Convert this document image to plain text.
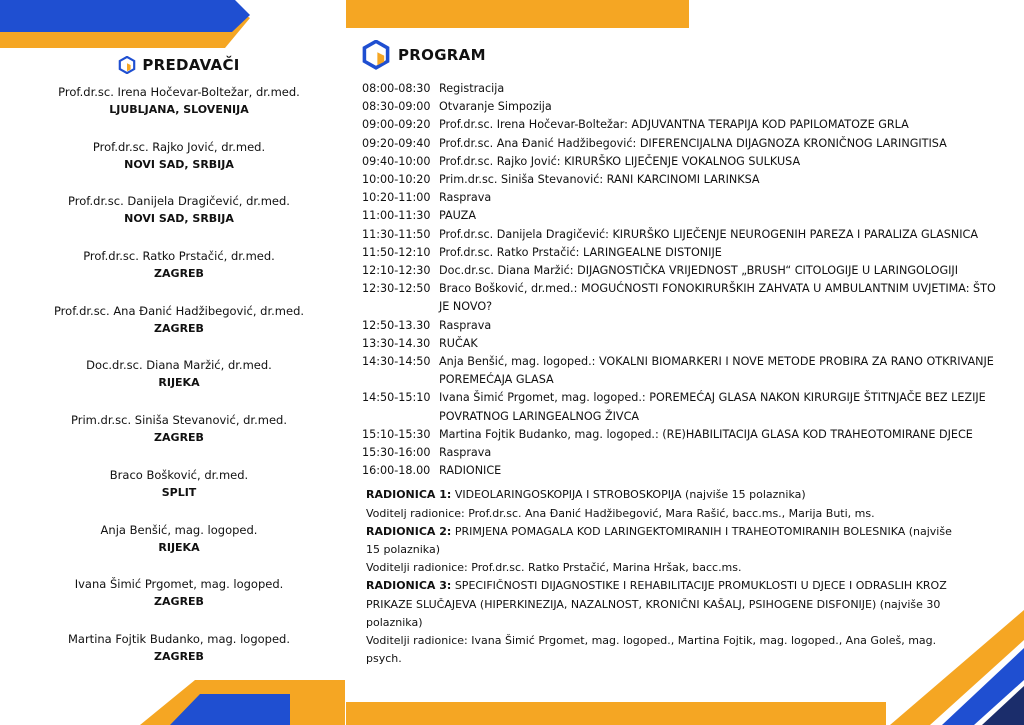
PREDAVAČI
Prof.dr.sc. Irena Hočevar-Boltežar, dr.med.
LJUBLJANA, SLOVENIJA
Prof.dr.sc. Rajko Jović, dr.med.
NOVI SAD, SRBIJA
Prof.dr.sc. Danijela Dragičević, dr.med.
NOVI SAD, SRBIJA
Prof.dr.sc. Ratko Prstačić, dr.med.
ZAGREB
Prof.dr.sc. Ana Đanić Hadžibegović, dr.med.
ZAGREB
Doc.dr.sc. Diana Maržić, dr.med.
RIJEKA
Prim.dr.sc. Siniša Stevanović, dr.med.
ZAGREB
Braco Bošković, dr.med.
SPLIT
Anja Benšić, mag. logoped.
RIJEKA
Ivana Šimić Prgomet, mag. logoped.
ZAGREB
Martina Fojtik Budanko, mag. logoped.
ZAGREB
PROGRAM
08:00-08:30 Registracija
08:30-09:00 Otvaranje Simpozija
09:00-09:20 Prof.dr.sc. Irena Hočevar-Boltežar: ADJUVANTNA TERAPIJA KOD PAPILOMATOZE GRLA
09:20-09:40 Prof.dr.sc. Ana Đanić Hadžibegović: DIFERENCIJALNA DIJAGNOZA KRONIČNOG LARINGITISA
09:40-10:00 Prof.dr.sc. Rajko Jović: KIRURŠKO LIJEČENJE VOKALNOG SULKUSA
10:00-10:20 Prim.dr.sc. Siniša Stevanović: RANI KARCINOMI LARINKSA
10:20-11:00 Rasprava
11:00-11:30 PAUZA
11:30-11:50 Prof.dr.sc. Danijela Dragičević: KIRURŠKO LIJEČENJE NEUROGENIH PAREZA I PARALIZA GLASNICA
11:50-12:10 Prof.dr.sc. Ratko Prstačić: LARINGEALNE DISTONIJE
12:10-12:30 Doc.dr.sc. Diana Maržić: DIJAGNOSTIČKA VRIJEDNOST „BRUSH“ CITOLOGIJE U LARINGOLOGIJI
12:30-12:50 Braco Bošković, dr.med.: MOGUĆNOSTI FONOKIRURŠKIH ZAHVATA U AMBULANTNIM UVJETIMA: ŠTO JE NOVO?
12:50-13.30 Rasprava
13:30-14.30 RUČAK
14:30-14:50 Anja Benšić, mag. logoped.: VOKALNI BIOMARKERI I NOVE METODE PROBIRA ZA RANO OTKRIVANJE POREMEĆAJA GLASA
14:50-15:10 Ivana Šimić Prgomet, mag. logoped.: POREMEĆAJ GLASA NAKON KIRURGIJE ŠTITNJAČE BEZ LEZIJE POVRATNOG LARINGEALNOG ŽIVCA
15:10-15:30 Martina Fojtik Budanko, mag. logoped.: (RE)HABILITACIJA GLASA KOD TRAHEOTOMIRANE DJECE
15:30-16:00 Rasprava
16:00-18.00 RADIONICE

RADIONICA 1: VIDEOLARINGOSKOPIJA I STROBOSKOPIJA (najviše 15 polaznika)

Voditelj radionice: Prof.dr.sc. Ana Đanić Hadžibegović, Mara Rašić, bacc.ms., Marija Buti, ms.

RADIONICA 2: PRIMJENA POMAGALA KOD LARINGEKTOMIRANIH I TRAHEOTOMIRANIH BOLESNIKA (najviše 15 polaznika)

Voditelji radionice: Prof.dr.sc. Ratko Prstačić, Marina Hršak, bacc.ms.

RADIONICA 3: SPECIFIČNOSTI DIJAGNOSTIKE I REHABILITACIJE PROMUKLOSTI U DJECE I ODRASLIH KROZ PRIKAZE SLUČAJEVA (HIPERKINEZIJA, NAZALNOST, KRONIČNI KAŠALJ, PSIHOGENE DISFONIJE) (najviše 30 polaznika)

Voditelji radionice: Ivana Šimić Prgomet, mag. logoped., Martina Fojtik, mag. logoped., Ana Goleš, mag. psych.
